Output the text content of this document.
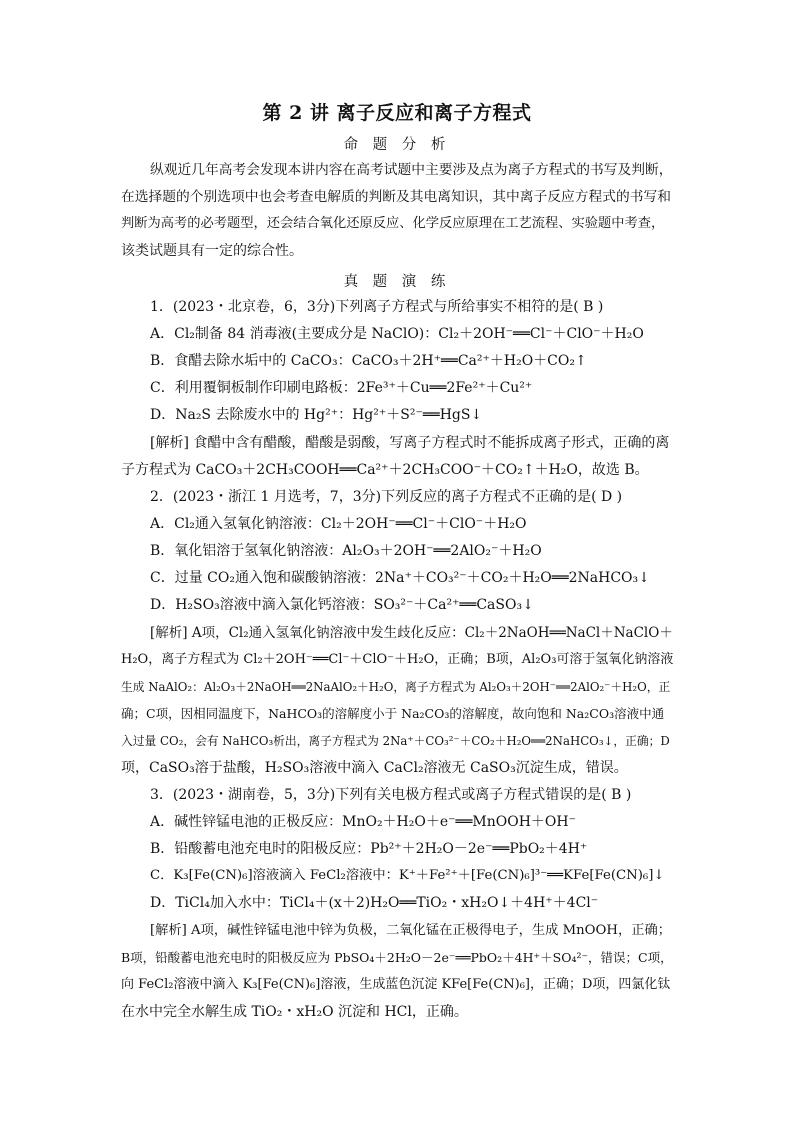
第 2 讲 离子反应和离子方程式
命 题 分 析
纵观近几年高考会发现本讲内容在高考试题中主要涉及点为离子方程式的书写及判断，
在选择题的个别选项中也会考查电解质的判断及其电离知识，其中离子反应方程式的书写和
判断为高考的必考题型，还会结合氧化还原反应、化学反应原理在工艺流程、实验题中考查，
该类试题具有一定的综合性。
真 题 演 练
1．(2023・北京卷，6，3分)下列离子方程式与所给事实不相符的是( B )
A．Cl₂制备 84 消毒液(主要成分是 NaClO)：Cl₂＋2OH⁻══Cl⁻＋ClO⁻＋H₂O
B．食醋去除水垢中的 CaCO₃：CaCO₃＋2H⁺══Ca²⁺＋H₂O＋CO₂↑
C．利用覆铜板制作印刷电路板：2Fe³⁺＋Cu══2Fe²⁺＋Cu²⁺
D．Na₂S 去除废水中的 Hg²⁺：Hg²⁺＋S²⁻══HgS↓
[解析] 食醋中含有醋酸，醋酸是弱酸，写离子方程式时不能拆成离子形式，正确的离
子方程式为 CaCO₃＋2CH₃COOH══Ca²⁺＋2CH₃COO⁻＋CO₂↑＋H₂O，故选 B。
2．(2023・浙江 1 月选考，7，3分)下列反应的离子方程式不正确的是( D )
A．Cl₂通入氢氧化钠溶液：Cl₂＋2OH⁻══Cl⁻＋ClO⁻＋H₂O
B．氧化铝溶于氢氧化钠溶液：Al₂O₃＋2OH⁻══2AlO₂⁻＋H₂O
C．过量 CO₂通入饱和碳酸钠溶液：2Na⁺＋CO₃²⁻＋CO₂＋H₂O══2NaHCO₃↓
D．H₂SO₃溶液中滴入氯化钙溶液：SO₃²⁻＋Ca²⁺══CaSO₃↓
[解析] A项，Cl₂通入氢氧化钠溶液中发生歧化反应：Cl₂＋2NaOH══NaCl＋NaClO＋
H₂O，离子方程式为 Cl₂＋2OH⁻══Cl⁻＋ClO⁻＋H₂O，正确；B项，Al₂O₃可溶于氢氧化钠溶液
生成 NaAlO₂：Al₂O₃＋2NaOH══2NaAlO₂＋H₂O，离子方程式为 Al₂O₃＋2OH⁻══2AlO₂⁻＋H₂O，正
确；C项，因相同温度下，NaHCO₃的溶解度小于 Na₂CO₃的溶解度，故向饱和 Na₂CO₃溶液中通
入过量 CO₂，会有 NaHCO₃析出，离子方程式为 2Na⁺＋CO₃²⁻＋CO₂＋H₂O══2NaHCO₃↓，正确；D
项，CaSO₃溶于盐酸，H₂SO₃溶液中滴入 CaCl₂溶液无 CaSO₃沉淀生成，错误。
3．(2023・湖南卷，5，3分)下列有关电极方程式或离子方程式错误的是( B )
A．碱性锌锰电池的正极反应：MnO₂＋H₂O＋e⁻══MnOOH＋OH⁻
B．铅酸蓄电池充电时的阳极反应：Pb²⁺＋2H₂O－2e⁻══PbO₂＋4H⁺
C．K₃[Fe(CN)₆]溶液滴入 FeCl₂溶液中：K⁺＋Fe²⁺＋[Fe(CN)₆]³⁻══KFe[Fe(CN)₆]↓
D．TiCl₄加入水中：TiCl₄＋(x＋2)H₂O══TiO₂・xH₂O↓＋4H⁺＋4Cl⁻
[解析] A项，碱性锌锰电池中锌为负极，二氧化锰在正极得电子，生成 MnOOH，正确；
B项，铅酸蓄电池充电时的阳极反应为 PbSO₄＋2H₂O－2e⁻══PbO₂＋4H⁺＋SO₄²⁻，错误；C项，
向 FeCl₂溶液中滴入 K₃[Fe(CN)₆]溶液，生成蓝色沉淀 KFe[Fe(CN)₆]，正确；D项，四氯化钛
在水中完全水解生成 TiO₂・xH₂O 沉淀和 HCl，正确。
